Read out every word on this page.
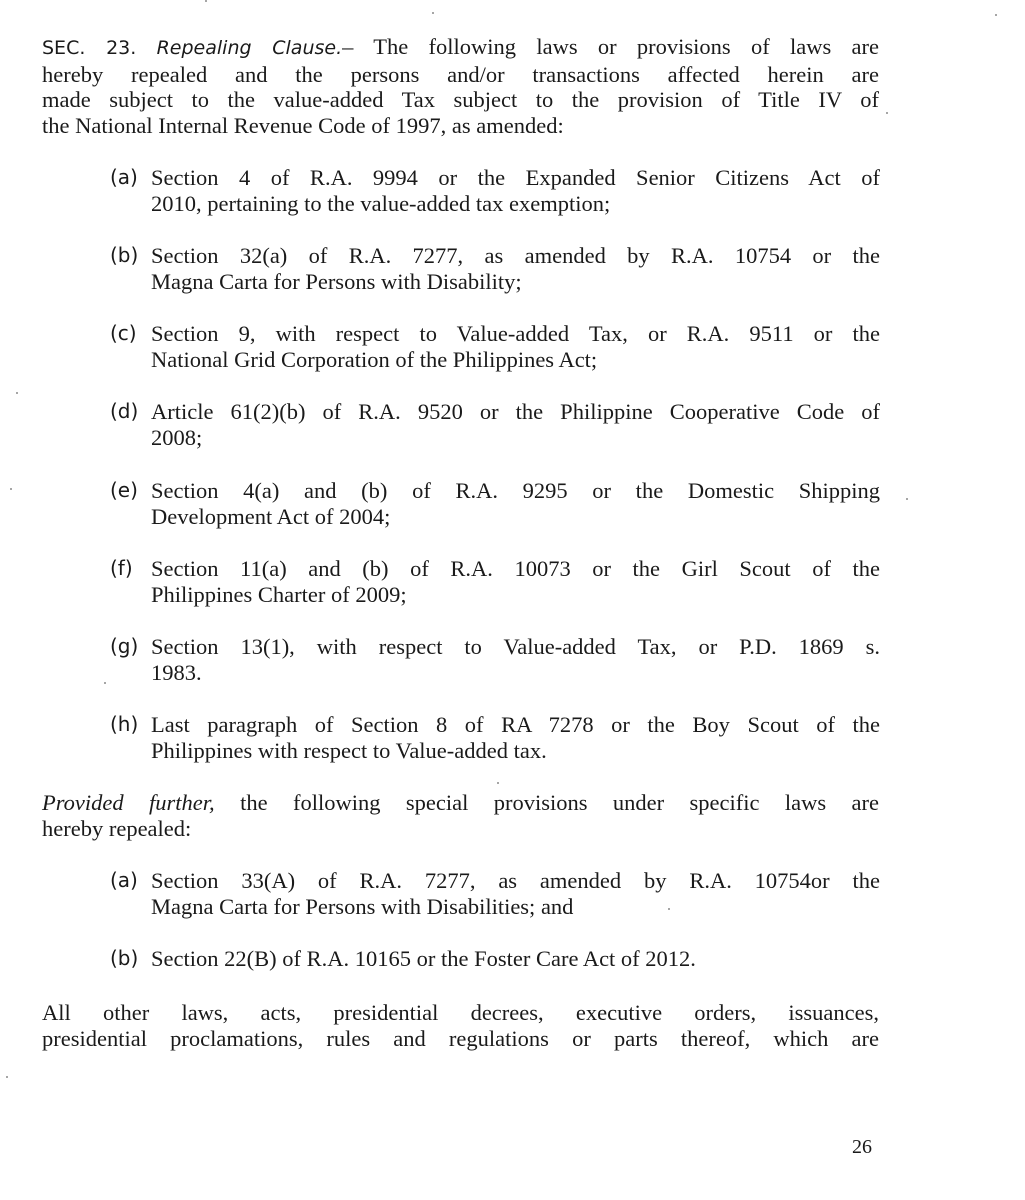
SEC. 23. Repealing Clause.– The following laws or provisions of laws are
hereby repealed and the persons and/or transactions affected herein are
made subject to the value-added Tax subject to the provision of Title IV of
the National Internal Revenue Code of 1997, as amended:
(a) Section 4 of R.A. 9994 or the Expanded Senior Citizens Act of
2010, pertaining to the value-added tax exemption;
(b) Section 32(a) of R.A. 7277, as amended by R.A. 10754 or the
Magna Carta for Persons with Disability;
(c) Section 9, with respect to Value-added Tax, or R.A. 9511 or the
National Grid Corporation of the Philippines Act;
(d) Article 61(2)(b) of R.A. 9520 or the Philippine Cooperative Code of
2008;
(e) Section 4(a) and (b) of R.A. 9295 or the Domestic Shipping
Development Act of 2004;
(f) Section 11(a) and (b) of R.A. 10073 or the Girl Scout of the
Philippines Charter of 2009;
(g) Section 13(1), with respect to Value-added Tax, or P.D. 1869 s.
1983.
(h) Last paragraph of Section 8 of RA 7278 or the Boy Scout of the
Philippines with respect to Value-added tax.
Provided further, the following special provisions under specific laws are
hereby repealed:
(a) Section 33(A) of R.A. 7277, as amended by R.A. 10754or the
Magna Carta for Persons with Disabilities; and
(b) Section 22(B) of R.A. 10165 or the Foster Care Act of 2012.
All other laws, acts, presidential decrees, executive orders, issuances,
presidential proclamations, rules and regulations or parts thereof, which are
26
